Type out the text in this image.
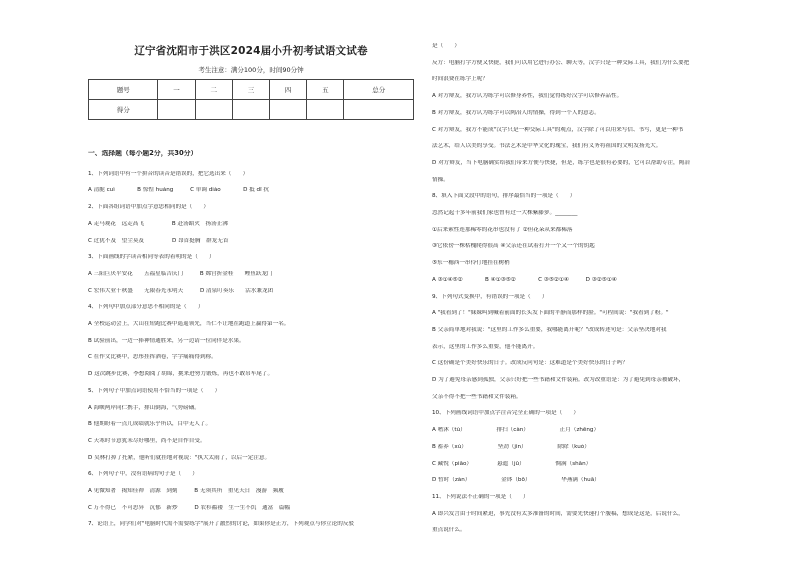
辽宁省沈阳市于洪区2024届小升初考试语文试卷
考生注意：满分100分，时间90分钟
题号	一	二	三	四	五	总分
得分						
一、选择题（每小题2分，共30分）
1、下列词语中有一个拼音的读音是错误的，把它选出来（　　）
A 清脆 cuì　　　　B 惊惶 huáng　　　C 单调 diào　　　　D 抵 dǐ 抗
2、下面各组词语中加点字意思相同的是（　　）
A 走马观花　远走高飞　　　　　B 赴汤蹈火　扬汤止沸
C 过犹不及　望尘莫及　　　　　D 昂首挺胸　群龙无首
3、下面画线的字读音相同等表的着明的是（　　）
A 三阳巨厌平安花　　五福星临吉庆门　　　B 嫦宫折金桂　　鲤鱼跃龙门
C 宏伟大业千秋盛　　无限春光永明天　　　D 清泉叮奏乐　　活水兼龙团
4、下列句中加点部分意思不相同的是（　　）
A 全校运动会上，大山在短跑比赛中遥遥领先，当仁不让地在跑道上赢得第一名。
B 试验前出，一边一捧神情通胜来，另一边请一位同伴是水果。
C 在作文比赛中，思彤挂挥洒卷，字字痛痛得到称。
D 这次跳步比赛，李想阅阅了胡锦，挑来进努力锻炼，再也不敢吊车尾了。
5、下列句子中加点词语使用不恰当的一项是（　　）
A 海峡两岸同仁携手，排山倒海，气势磅礴。
B 他期盼着一点儿成绩就乐乎所以，目中无人了。
C 天寒时节意犹未尽好哪里，尚不是自作自受。
D 吴林打掉了托紧，他听们就挂地对视说："执大太雨了，以后一定注意。
6、下列句子中，没有语病的句子是（　　）
A 见微知著　揭知佳禅　清源　到刻　　　B 无须其所　重见天日　漫游　频履
C 万不得已　不可思异　沉郁　新炒　　　D 农衫褴褛　生一生不饥　通富　篇幅
7、论语上，同学们对"电脑时代需不需要练字"展开了激烈的讨论，如果你是正方，下列观点与你立论的反驳
是（　　）
反方：电脑打字方便又快捷，我们可以用它进行办公、聊天等，汉字只是一种交际工具，我们为什么要把
时间浪费在练字上呢？
A 对方辩友，我方认为练字可以修身养性，我们觉得练好汉字可以修养品性。
B 对方辩友，我方认为练字可以陶冶人的情操，得到一个人的意志。
C 对方辩友，我方不能成"汉字只是一种交际工具"的观点，汉字除了可以用来写信、书写，更是一种书
法艺术，给人以美的享受。书法艺术是中华文化的瑰宝，我们有义务将祖国的文明发扬光大。
D 对方辩友，当下电脑确实给我们带来方便与快捷，但是，练字也是很有必要的，它可以帮助专注，陶冶
情操。
8、填入下面文段中的语句，排序最恰当的一项是（　　）
忽然记起十多年前我们家也曾有过一大株紫藤萝。________
①后来索性连那稀零的花串也没有了 ②但花朵从来都稀落
③它依傍一株枯槐爬得很高 ④父亲还在试着打开一个又一个的钥匙
⑤东一穗西一串伶仃地挂在树梢
A ③①④⑤②　　　　B ④①③⑤②　　　　C ③⑤②①④　　　D ③②⑤①④
9、下列句式变换中，有错误的一项是（　　）
A "我看到了！"妹妹叫到喊着前面的长头发下面的平静而那样的脸。"可程间说："我看到了粉。"
B 父亲简单地对我说："这里的工作多么重要，我哪能离开呢？"改成转述句是：父亲坚决地对我
表示，这里的工作多么重要，他不能离开。
C 这份确是个美好快乐的日子。改成反问句是：这难道是个美好快乐的日子吗？
D 为了避免母亲感到孤独，父亲只好把一些书籍和文件装箱。改为改重语是：为了避免到母亲被破坏，
父亲不得不把一些书籍和文件装箱。
10、下列画线词语中加点字注音完全正确的一项是（　　）
A 嗜沐（tù）　　　　　　排扫（càn）　　　　　　正月（zhēng）
B 蓄养（xù）　　　　　　坚劲（jìn）　　　　　　除除（kuò）
C 藏悦（piāo）　　　　　悬遮（jǔ）　　　　　　惆满（shān）
D 暂时（zàn）　　　　　　金钵（bō）　　　　　　华燕满（huā）
11、下列说法不正确的一项是（　　）
A 即兴发言由于时间紧迫，事先没有太多准备的时间，需要先快速打个腹稿，想成是这是，后说什么，
重点说什么。
